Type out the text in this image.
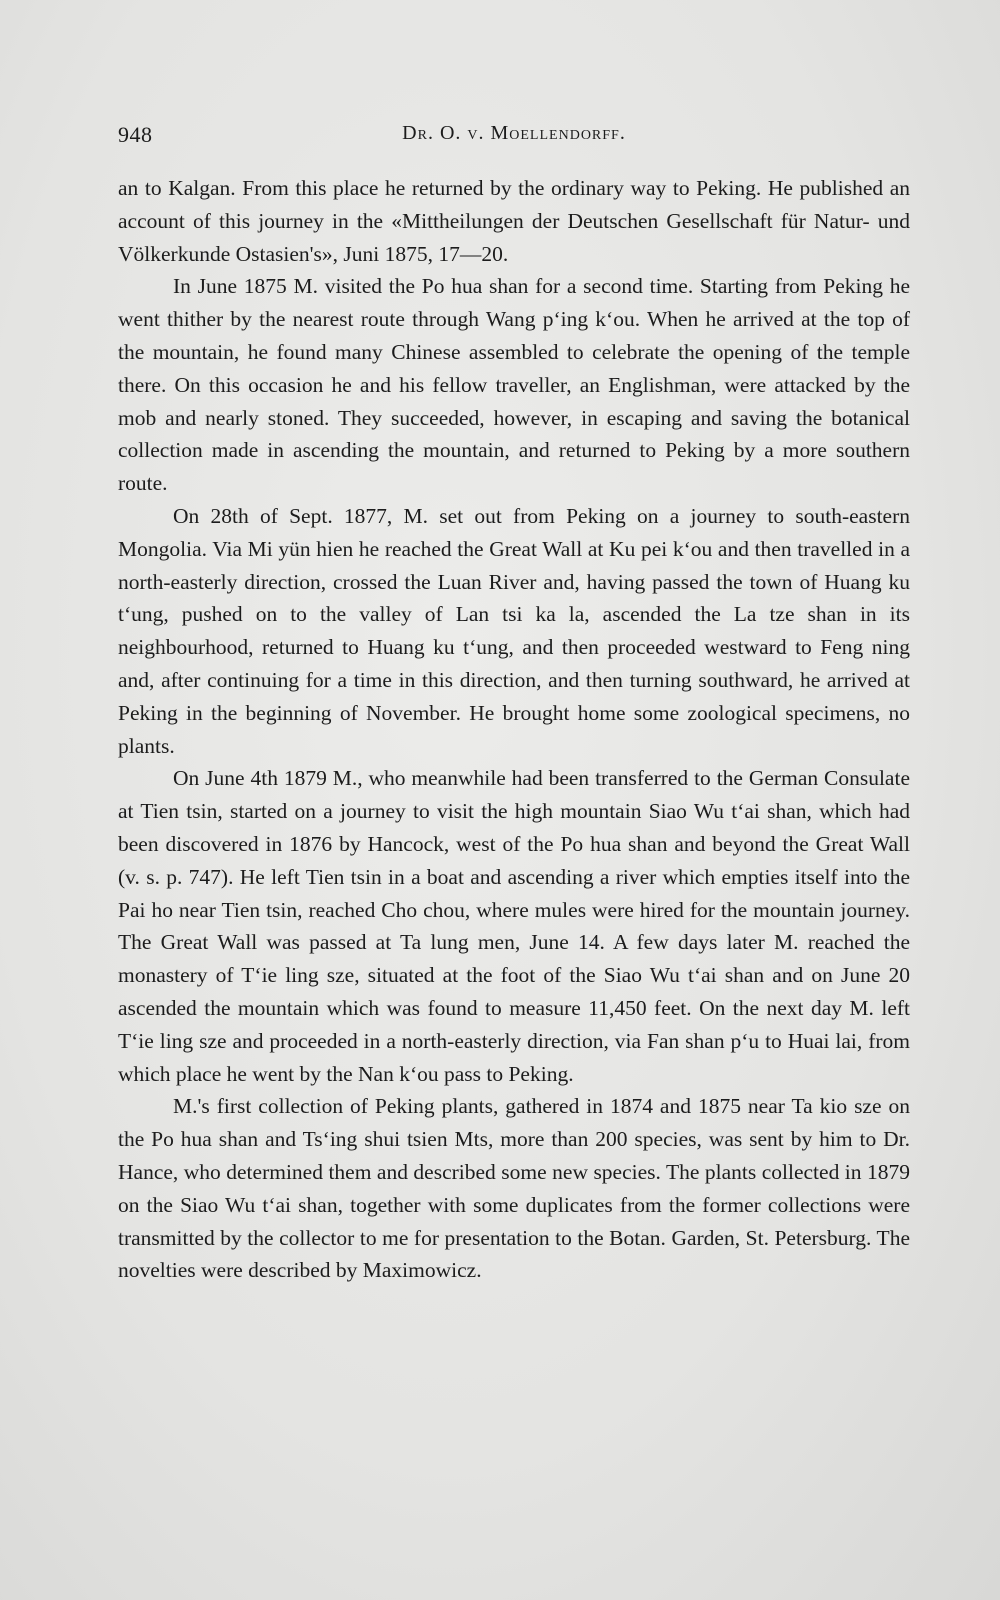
948	Dr. O. v. Moellendorff.

an to Kalgan. From this place he returned by the ordinary way to Peking. He published an account of this journey in the «Mittheilungen der Deutschen Gesellschaft für Natur- und Völkerkunde Ostasien's», Juni 1875, 17—20.

In June 1875 M. visited the Po hua shan for a second time. Starting from Peking he went thither by the nearest route through Wang pʻing kʻou. When he arrived at the top of the mountain, he found many Chinese assembled to celebrate the opening of the temple there. On this occasion he and his fellow traveller, an Englishman, were attacked by the mob and nearly stoned. They succeeded, however, in escaping and saving the botanical collection made in ascending the mountain, and returned to Peking by a more southern route.

On 28th of Sept. 1877, M. set out from Peking on a journey to south-eastern Mongolia. Via Mi yün hien he reached the Great Wall at Ku pei kʻou and then travelled in a north-easterly direction, crossed the Luan River and, having passed the town of Huang ku tʻung, pushed on to the valley of Lan tsi ka la, ascended the La tze shan in its neighbourhood, returned to Huang ku tʻung, and then proceeded westward to Feng ning and, after continuing for a time in this direction, and then turning southward, he arrived at Peking in the beginning of November. He brought home some zoological specimens, no plants.

On June 4th 1879 M., who meanwhile had been transferred to the German Consulate at Tien tsin, started on a journey to visit the high mountain Siao Wu tʻai shan, which had been discovered in 1876 by Hancock, west of the Po hua shan and beyond the Great Wall (v. s. p. 747). He left Tien tsin in a boat and ascending a river which empties itself into the Pai ho near Tien tsin, reached Cho chou, where mules were hired for the mountain journey. The Great Wall was passed at Ta lung men, June 14. A few days later M. reached the monastery of Tʻie ling sze, situated at the foot of the Siao Wu tʻai shan and on June 20 ascended the mountain which was found to measure 11,450 feet. On the next day M. left Tʻie ling sze and proceeded in a north-easterly direction, via Fan shan pʻu to Huai lai, from which place he went by the Nan kʻou pass to Peking.

M.'s first collection of Peking plants, gathered in 1874 and 1875 near Ta kio sze on the Po hua shan and Tsʻing shui tsien Mts, more than 200 species, was sent by him to Dr. Hance, who determined them and described some new species. The plants collected in 1879 on the Siao Wu tʻai shan, together with some duplicates from the former collections were transmitted by the collector to me for presentation to the Botan. Garden, St. Petersburg. The novelties were described by Maximowicz.
